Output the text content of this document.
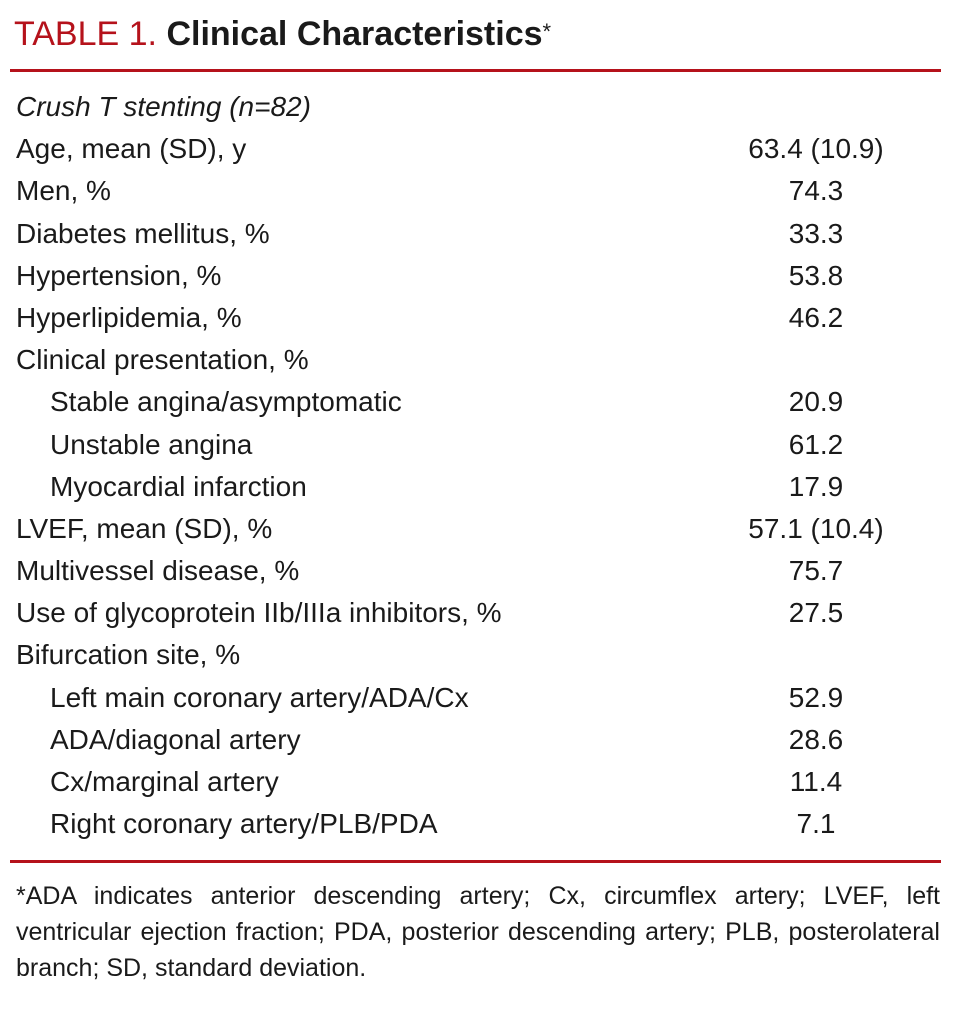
TABLE 1. Clinical Characteristics*
Crush T stenting (n=82)
Age, mean (SD), y	63.4 (10.9)
Men, %	74.3
Diabetes mellitus, %	33.3
Hypertension, %	53.8
Hyperlipidemia, %	46.2
Clinical presentation, %
Stable angina/asymptomatic	20.9
Unstable angina	61.2
Myocardial infarction	17.9
LVEF, mean (SD), %	57.1 (10.4)
Multivessel disease, %	75.7
Use of glycoprotein IIb/IIIa inhibitors, %	27.5
Bifurcation site, %
Left main coronary artery/ADA/Cx	52.9
ADA/diagonal artery	28.6
Cx/marginal artery	11.4
Right coronary artery/PLB/PDA	7.1
*ADA indicates anterior descending artery; Cx, circumflex artery; LVEF, left ventricular ejection fraction; PDA, posterior descending artery; PLB, posterolateral branch; SD, standard deviation.
